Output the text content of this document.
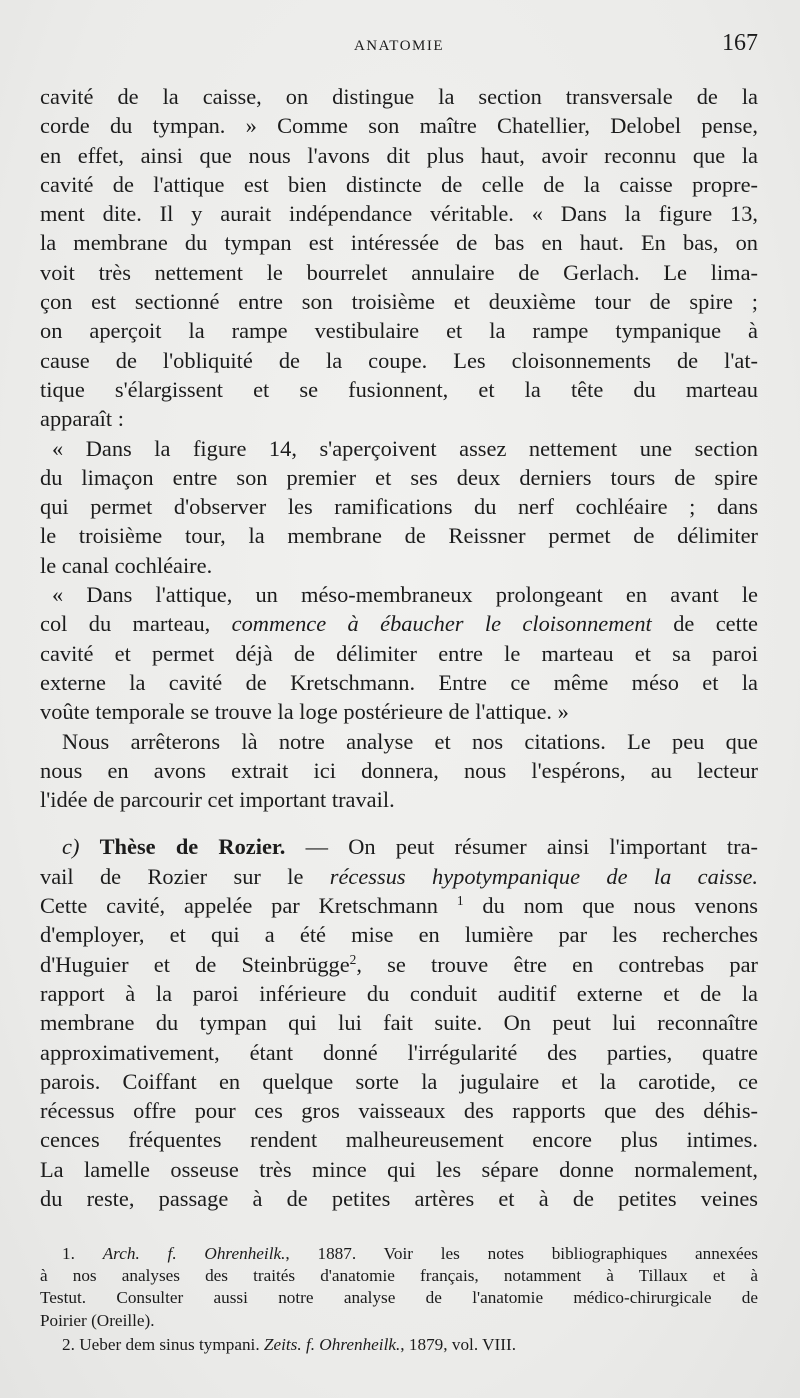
ANATOMIE	167
cavité de la caisse, on distingue la section transversale de la
corde du tympan. » Comme son maître Chatellier, Delobel pense,
en effet, ainsi que nous l'avons dit plus haut, avoir reconnu que la
cavité de l'attique est bien distincte de celle de la caisse propre-
ment dite. Il y aurait indépendance véritable. « Dans la figure 13,
la membrane du tympan est intéressée de bas en haut. En bas, on
voit très nettement le bourrelet annulaire de Gerlach. Le lima-
çon est sectionné entre son troisième et deuxième tour de spire ;
on aperçoit la rampe vestibulaire et la rampe tympanique à
cause de l'obliquité de la coupe. Les cloisonnements de l'at-
tique s'élargissent et se fusionnent, et la tête du marteau
apparaît :
« Dans la figure 14, s'aperçoivent assez nettement une section
du limaçon entre son premier et ses deux derniers tours de spire
qui permet d'observer les ramifications du nerf cochléaire ; dans
le troisième tour, la membrane de Reissner permet de délimiter
le canal cochléaire.
« Dans l'attique, un méso-membraneux prolongeant en avant le
col du marteau, commence à ébaucher le cloisonnement de cette
cavité et permet déjà de délimiter entre le marteau et sa paroi
externe la cavité de Kretschmann. Entre ce même méso et la
voûte temporale se trouve la loge postérieure de l'attique. »
Nous arrêterons là notre analyse et nos citations. Le peu que
nous en avons extrait ici donnera, nous l'espérons, au lecteur
l'idée de parcourir cet important travail.
c) Thèse de Rozier. — On peut résumer ainsi l'important tra-
vail de Rozier sur le récessus hypotympanique de la caisse.
Cette cavité, appelée par Kretschmann $^1$ du nom que nous venons
d'employer, et qui a été mise en lumière par les recherches
d'Huguier et de Steinbrügge$^2$, se trouve être en contrebas par
rapport à la paroi inférieure du conduit auditif externe et de la
membrane du tympan qui lui fait suite. On peut lui reconnaître
approximativement, étant donné l'irrégularité des parties, quatre
parois. Coiffant en quelque sorte la jugulaire et la carotide, ce
récessus offre pour ces gros vaisseaux des rapports que des déhis-
cences fréquentes rendent malheureusement encore plus intimes.
La lamelle osseuse très mince qui les sépare donne normalement,
du reste, passage à de petites artères et à de petites veines
1. Arch. f. Ohrenheilk., 1887. Voir les notes bibliographiques annexées
à nos analyses des traités d'anatomie français, notamment à Tillaux et à
Testut. Consulter aussi notre analyse de l'anatomie médico-chirurgicale de
Poirier (Oreille).
2. Ueber dem sinus tympani. Zeits. f. Ohrenheilk., 1879, vol. VIII.
